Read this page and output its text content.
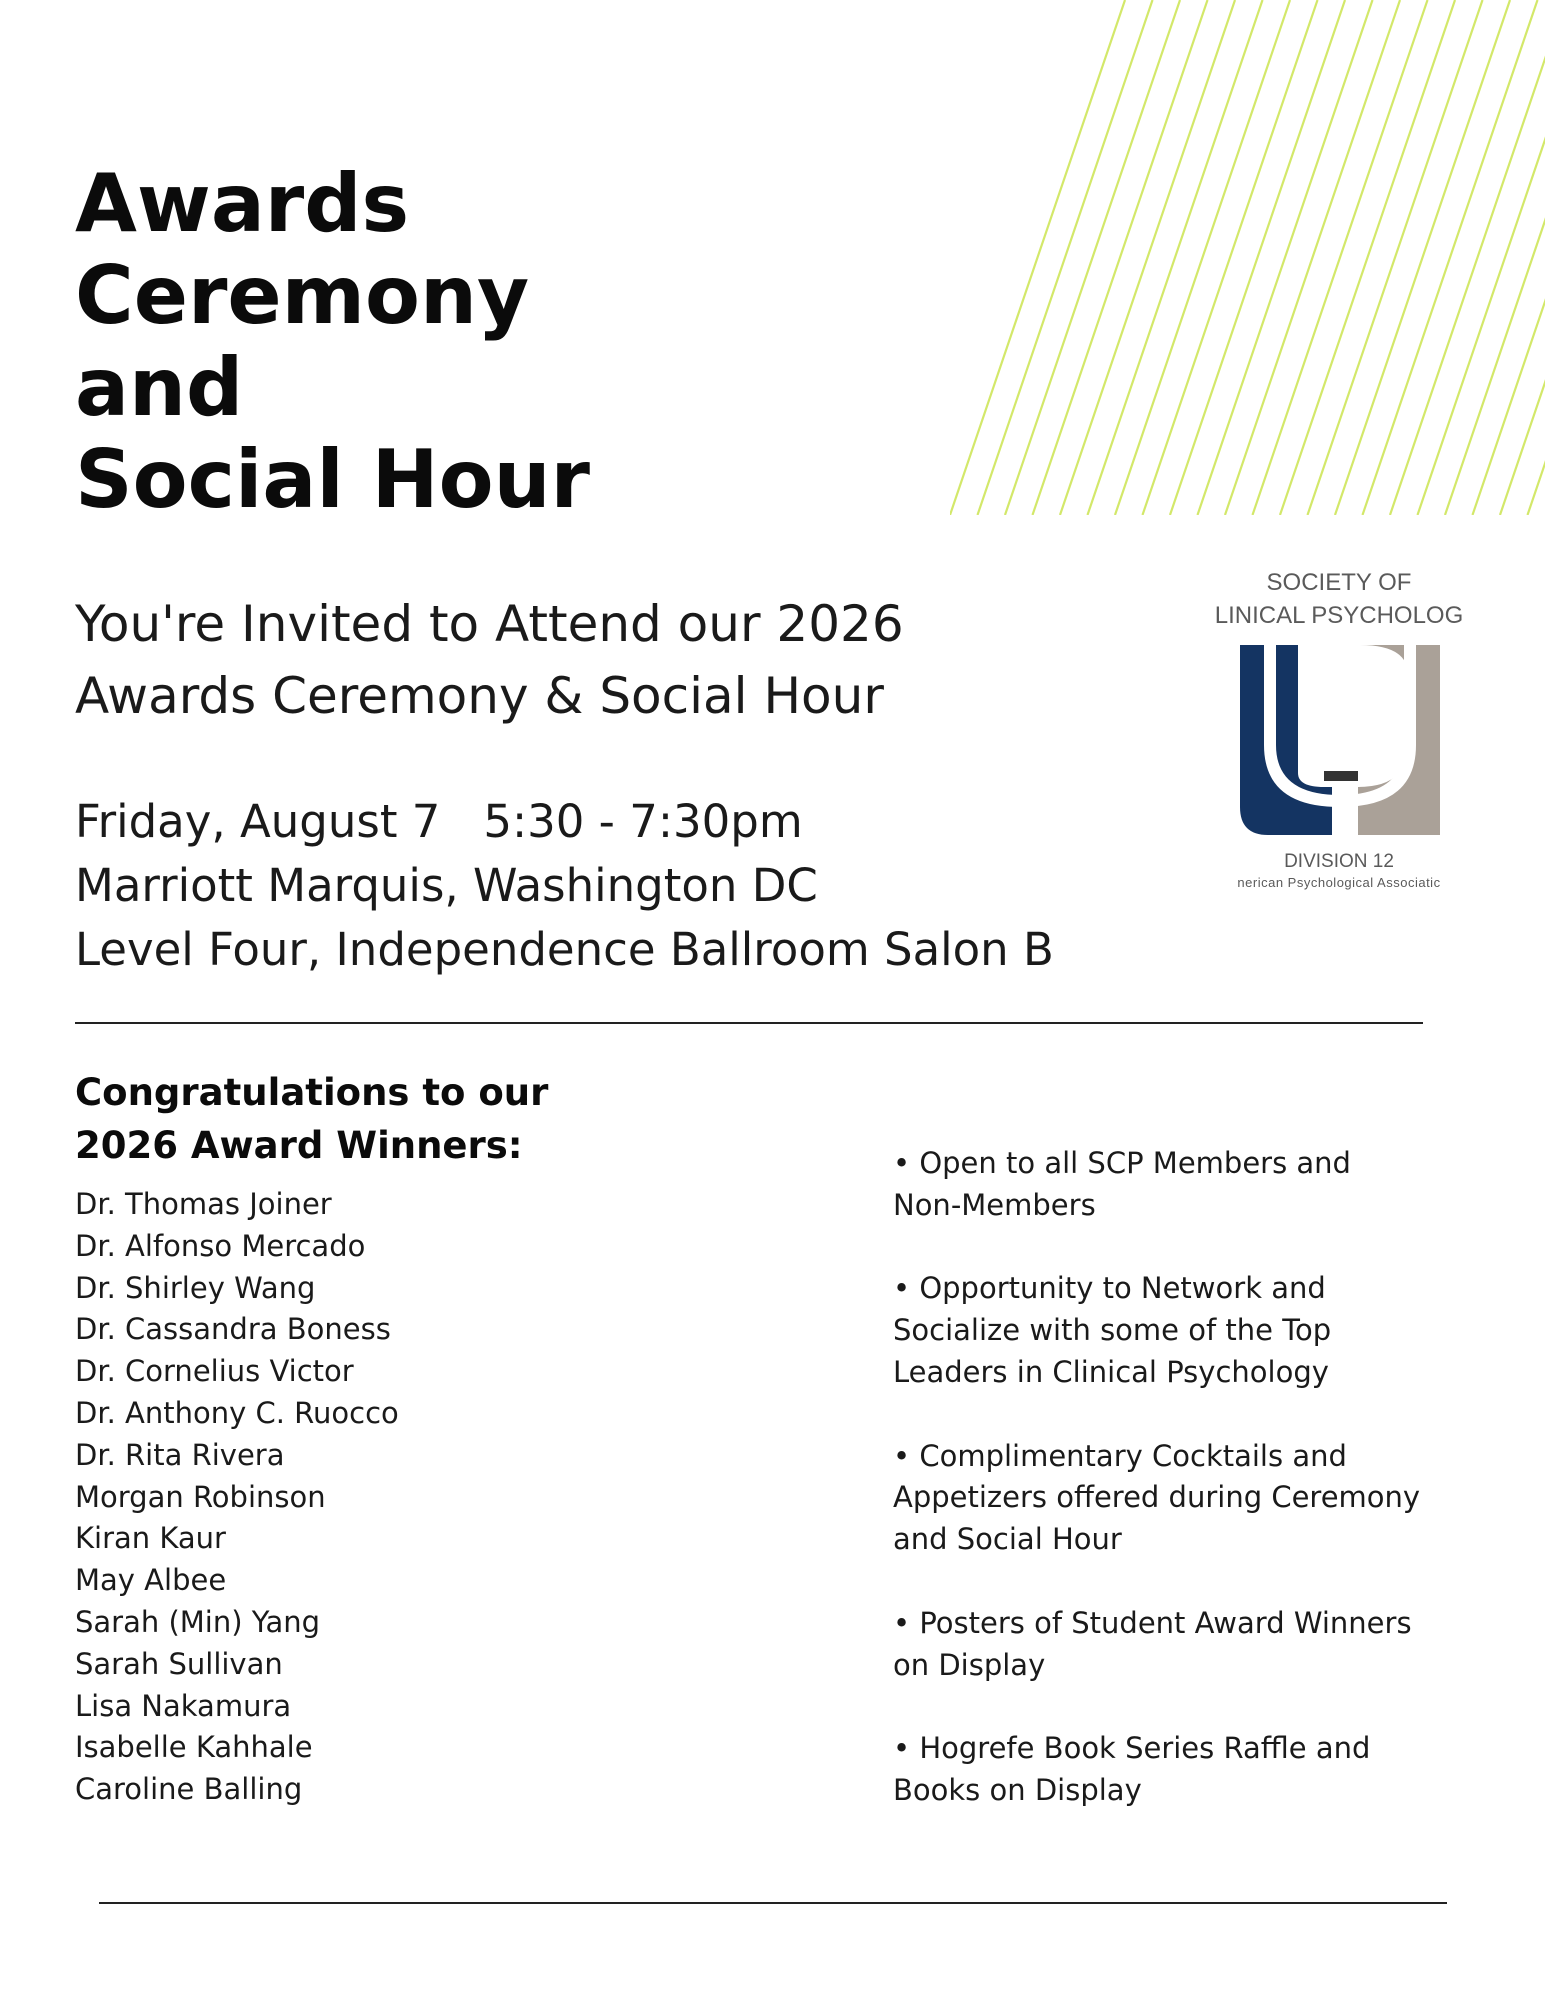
Awards
Ceremony
and
Social Hour
You're Invited to Attend our 2026
Awards Ceremony & Social Hour
Friday, August 7   5:30 - 7:30pm
Marriott Marquis, Washington DC
Level Four, Independence Ballroom Salon B
SOCIETY OF
LINICAL PSYCHOLOG
DIVISION 12
nerican Psychological Associatic
Congratulations to our
2026 Award Winners:
Dr. Thomas Joiner
Dr. Alfonso Mercado
Dr. Shirley Wang
Dr. Cassandra Boness
Dr. Cornelius Victor
Dr. Anthony C. Ruocco
Dr. Rita Rivera
Morgan Robinson
Kiran Kaur
May Albee
Sarah (Min) Yang
Sarah Sullivan
Lisa Nakamura
Isabelle Kahhale
Caroline Balling
• Open to all SCP Members and
Non-Members
• Opportunity to Network and
Socialize with some of the Top
Leaders in Clinical Psychology
• Complimentary Cocktails and
Appetizers offered during Ceremony
and Social Hour
• Posters of Student Award Winners
on Display
• Hogrefe Book Series Raffle and
Books on Display
